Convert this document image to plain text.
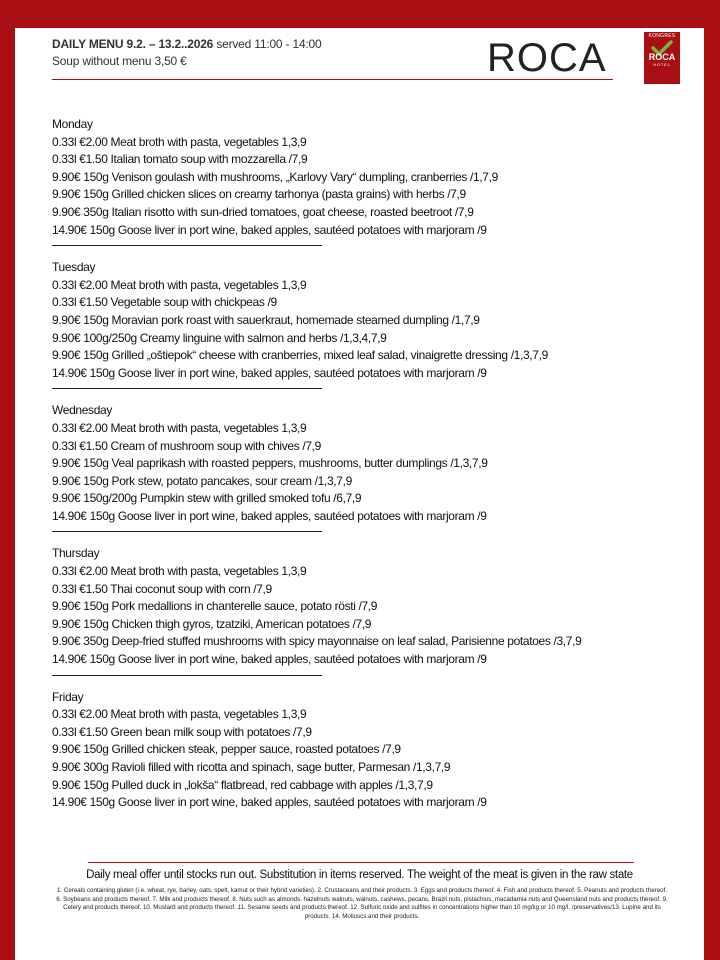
DAILY MENU 9.2. – 13.2..2026 served 11:00 - 14:00
Soup without menu 3,50 €	ROCA	KONGRES
ROCA
HOTEL
Monday
0.33l €2.00 Meat broth with pasta, vegetables 1,3,9
0.33l €1.50 Italian tomato soup with mozzarella /7,9
9.90€ 150g Venison goulash with mushrooms, „Karlovy Vary“ dumpling, cranberries /1,7,9
9.90€ 150g Grilled chicken slices on creamy tarhonya (pasta grains) with herbs /7,9
9.90€ 350g Italian risotto with sun-dried tomatoes, goat cheese, roasted beetroot /7,9
14.90€ 150g Goose liver in port wine, baked apples, sautéed potatoes with marjoram /9
Tuesday
0.33l €2.00 Meat broth with pasta, vegetables 1,3,9
0.33l €1.50 Vegetable soup with chickpeas /9
9.90€ 150g Moravian pork roast with sauerkraut, homemade steamed dumpling /1,7,9
9.90€ 100g/250g Creamy linguine with salmon and herbs /1,3,4,7,9
9.90€ 150g Grilled „oštiepok“ cheese with cranberries, mixed leaf salad, vinaigrette dressing /1,3,7,9
14.90€ 150g Goose liver in port wine, baked apples, sautéed potatoes with marjoram /9
Wednesday
0.33l €2.00 Meat broth with pasta, vegetables 1,3,9
0.33l €1.50 Cream of mushroom soup with chives /7,9
9.90€ 150g Veal paprikash with roasted peppers, mushrooms, butter dumplings /1,3,7,9
9.90€ 150g Pork stew, potato pancakes, sour cream /1,3,7,9
9.90€ 150g/200g Pumpkin stew with grilled smoked tofu /6,7,9
14.90€ 150g Goose liver in port wine, baked apples, sautéed potatoes with marjoram /9
Thursday
0.33l €2.00 Meat broth with pasta, vegetables 1,3,9
0.33l €1.50 Thai coconut soup with corn /7,9
9.90€ 150g Pork medallions in chanterelle sauce, potato rösti /7,9
9.90€ 150g Chicken thigh gyros, tzatziki, American potatoes /7,9
9.90€ 350g Deep-fried stuffed mushrooms with spicy mayonnaise on leaf salad, Parisienne potatoes /3,7,9
14.90€ 150g Goose liver in port wine, baked apples, sautéed potatoes with marjoram /9
Friday
0.33l €2.00 Meat broth with pasta, vegetables 1,3,9
0.33l €1.50 Green bean milk soup with potatoes /7,9
9.90€ 150g Grilled chicken steak, pepper sauce, roasted potatoes /7,9
9.90€ 300g Ravioli filled with ricotta and spinach, sage butter, Parmesan /1,3,7,9
9.90€ 150g Pulled duck in „lokša“ flatbread, red cabbage with apples /1,3,7,9
14.90€ 150g Goose liver in port wine, baked apples, sautéed potatoes with marjoram /9
Daily meal offer until stocks run out. Substitution in items reserved. The weight of the meat is given in the raw state
1. Cereals containing gluten (i.e. wheat, rye, barley, oats, spelt, kamut or their hybrid varieties). 2. Crustaceans and their products. 3. Eggs and products thereof. 4. Fish and products thereof. 5. Peanuts and products thereof. 6. Soybeans and products thereof. 7. Milk and products thereof. 8. Nuts such as almonds, hazelnuts walnuts, walnuts, cashews, pecans, Brazil nuts, pistachios, macadamia nuts and Queensland nuts and products thereof. 9. Celery and products thereof. 10. Mustard and products thereof. 11. Sesame seeds and products thereof. 12. Sulfuric oxide and sulfites in concentrations higher than 10 mg/kg or 10 mg/l. /preservatives/13. Lupine and its products. 14. Molluscs and their products.
